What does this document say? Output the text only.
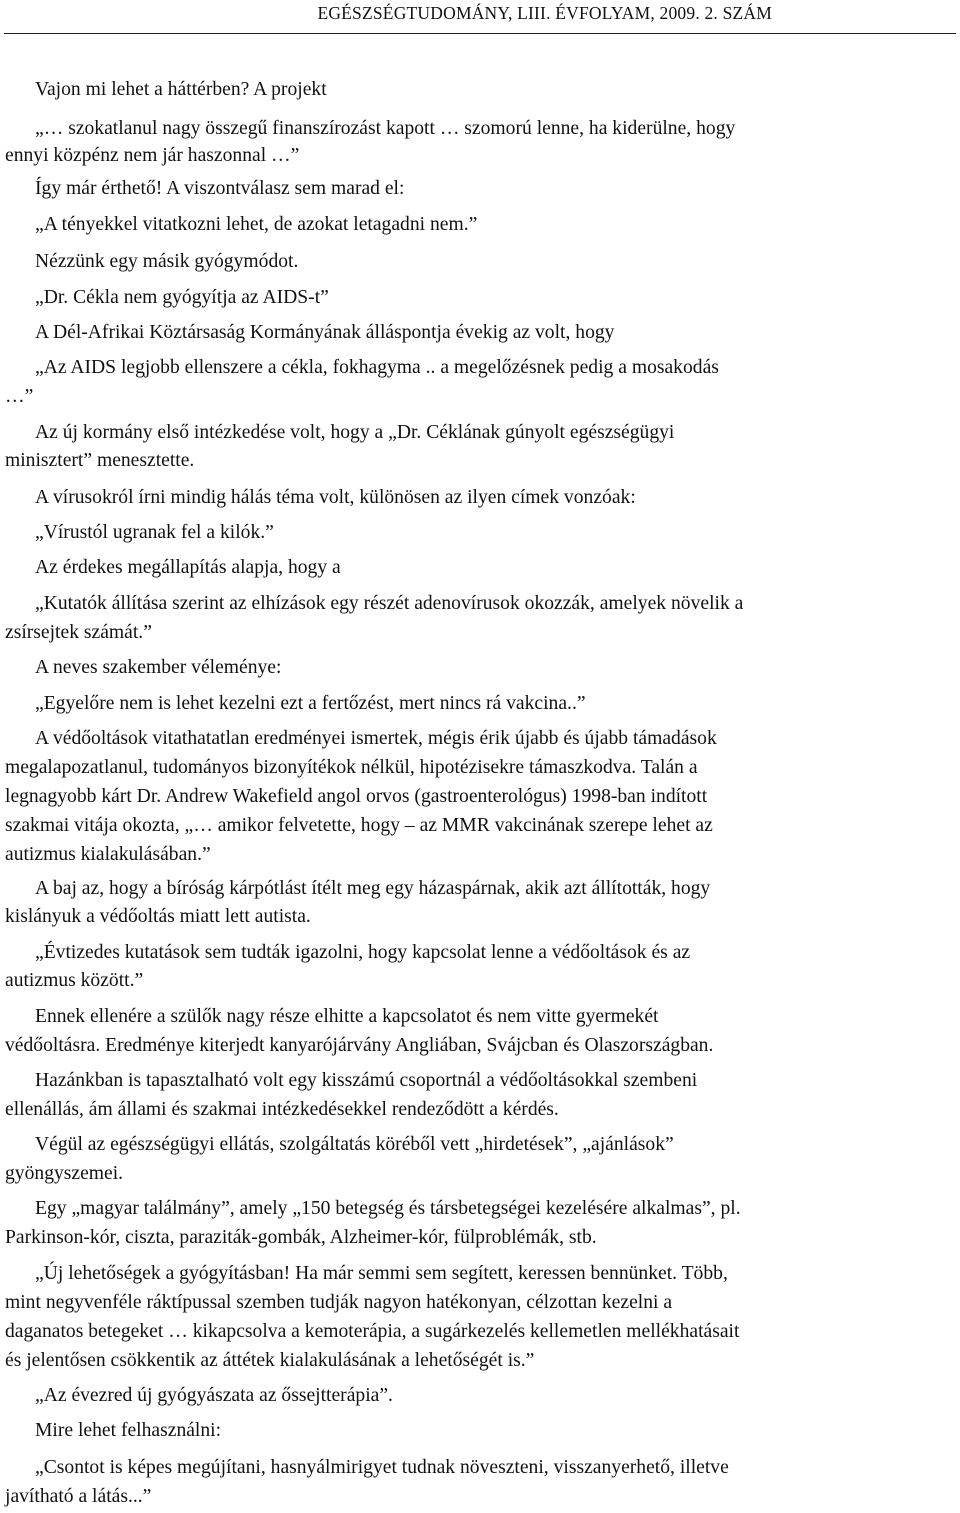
EGÉSZSÉGTUDOMÁNY, LIII. ÉVFOLYAM, 2009. 2. SZÁM
Vajon mi lehet a háttérben? A projekt
„… szokatlanul nagy összegű finanszírozást kapott … szomorú lenne, ha kiderülne, hogy
ennyi közpénz nem jár haszonnal …”
Így már érthető! A viszontválasz sem marad el:
„A tényekkel vitatkozni lehet, de azokat letagadni nem.”
Nézzünk egy másik gyógymódot.
„Dr. Cékla nem gyógyítja az AIDS-t”
A Dél-Afrikai Köztársaság Kormányának álláspontja évekig az volt, hogy
„Az AIDS legjobb ellenszere a cékla, fokhagyma .. a megelőzésnek pedig a mosakodás
…”
Az új kormány első intézkedése volt, hogy a „Dr. Céklának gúnyolt egészségügyi
minisztert” menesztette.
A vírusokról írni mindig hálás téma volt, különösen az ilyen címek vonzóak:
„Vírustól ugranak fel a kilók.”
Az érdekes megállapítás alapja, hogy a
„Kutatók állítása szerint az elhízások egy részét adenovírusok okozzák, amelyek növelik a
zsírsejtek számát.”
A neves szakember véleménye:
„Egyelőre nem is lehet kezelni ezt a fertőzést, mert nincs rá vakcina..”
A védőoltások vitathatatlan eredményei ismertek, mégis érik újabb és újabb támadások
megalapozatlanul, tudományos bizonyítékok nélkül, hipotézisekre támaszkodva. Talán a
legnagyobb kárt Dr. Andrew Wakefield angol orvos (gastroenterológus) 1998-ban indított
szakmai vitája okozta, „… amikor felvetette, hogy – az MMR vakcinának szerepe lehet az
autizmus kialakulásában.”
A baj az, hogy a bíróság kárpótlást ítélt meg egy házaspárnak, akik azt állították, hogy
kislányuk a védőoltás miatt lett autista.
„Évtizedes kutatások sem tudták igazolni, hogy kapcsolat lenne a védőoltások és az
autizmus között.”
Ennek ellenére a szülők nagy része elhitte a kapcsolatot és nem vitte gyermekét
védőoltásra. Eredménye kiterjedt kanyarójárvány Angliában, Svájcban és Olaszországban.
Hazánkban is tapasztalható volt egy kisszámú csoportnál a védőoltásokkal szembeni
ellenállás, ám állami és szakmai intézkedésekkel rendeződött a kérdés.
Végül az egészségügyi ellátás, szolgáltatás köréből vett „hirdetések”, „ajánlások”
gyöngyszemei.
Egy „magyar találmány”, amely „150 betegség és társbetegségei kezelésére alkalmas”, pl.
Parkinson-kór, ciszta, paraziták-gombák, Alzheimer-kór, fülproblémák, stb.
„Új lehetőségek a gyógyításban! Ha már semmi sem segített, keressen bennünket. Több,
mint negyvenféle ráktípussal szemben tudják nagyon hatékonyan, célzottan kezelni a
daganatos betegeket … kikapcsolva a kemoterápia, a sugárkezelés kellemetlen mellékhatásait
és jelentősen csökkentik az áttétek kialakulásának a lehetőségét is.”
„Az évezred új gyógyászata az őssejtterápia”.
Mire lehet felhasználni:
„Csontot is képes megújítani, hasnyálmirigyet tudnak növeszteni, visszanyerhető, illetve
javítható a látás...”
